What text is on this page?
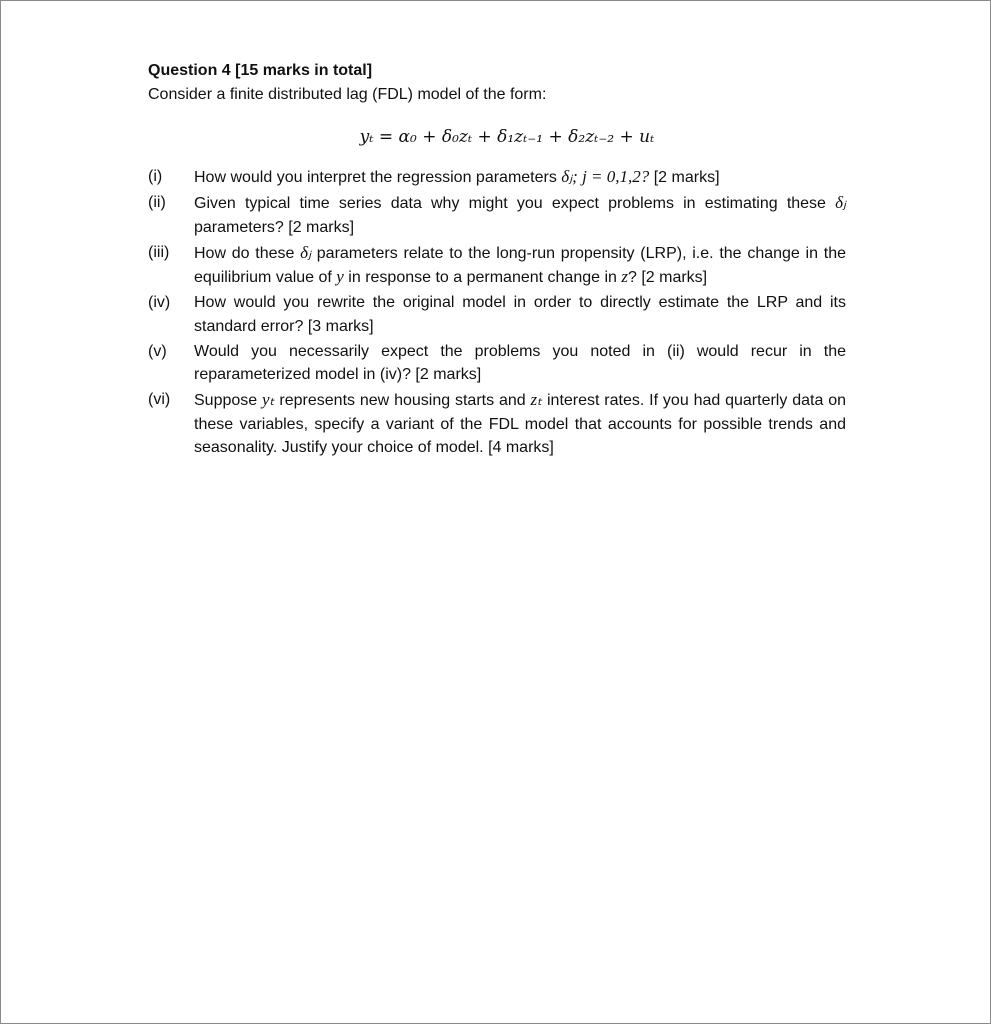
Question 4 [15 marks in total]
Consider a finite distributed lag (FDL) model of the form:
yₜ = α₀ + δ₀zₜ + δ₁zₜ₋₁ + δ₂zₜ₋₂ + uₜ
(i)	How would you interpret the regression parameters δⱼ; j = 0,1,2? [2 marks]
(ii)	Given typical time series data why might you expect problems in estimating these δⱼ parameters? [2 marks]
(iii)	How do these δⱼ parameters relate to the long-run propensity (LRP), i.e. the change in the equilibrium value of y in response to a permanent change in z? [2 marks]
(iv)	How would you rewrite the original model in order to directly estimate the LRP and its standard error? [3 marks]
(v)	Would you necessarily expect the problems you noted in (ii) would recur in the reparameterized model in (iv)? [2 marks]
(vi)	Suppose yₜ represents new housing starts and zₜ interest rates. If you had quarterly data on these variables, specify a variant of the FDL model that accounts for possible trends and seasonality. Justify your choice of model. [4 marks]
